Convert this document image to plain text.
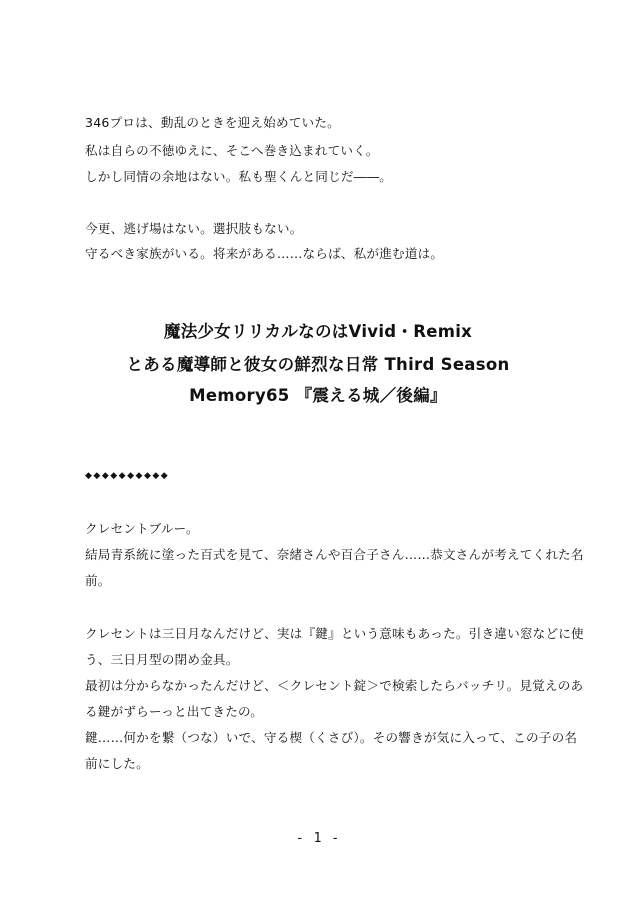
346プロは、動乱のときを迎え始めていた。
私は自らの不徳ゆえに、そこへ巻き込まれていく。
しかし同情の余地はない。私も聖くんと同じだ――。
今更、逃げ場はない。選択肢もない。
守るべき家族がいる。将来がある……ならば、私が進む道は。
魔法少女リリカルなのはVivid・Remix
とある魔導師と彼女の鮮烈な日常 Third Season
Memory65 『震える城／後編』
◆◆◆◆◆◆◆◆◆◆
クレセントブルー。
結局青系統に塗った百式を見て、奈緒さんや百合子さん……恭文さんが考えてくれた名
前。
クレセントは三日月なんだけど、実は『鍵』という意味もあった。引き違い窓などに使
う、三日月型の閉め金具。
最初は分からなかったんだけど、＜クレセント錠＞で検索したらバッチリ。見覚えのあ
る鍵がずらーっと出てきたの。
鍵……何かを繋（つな）いで、守る楔（くさび）。その響きが気に入って、この子の名
前にした。
- 1 -
